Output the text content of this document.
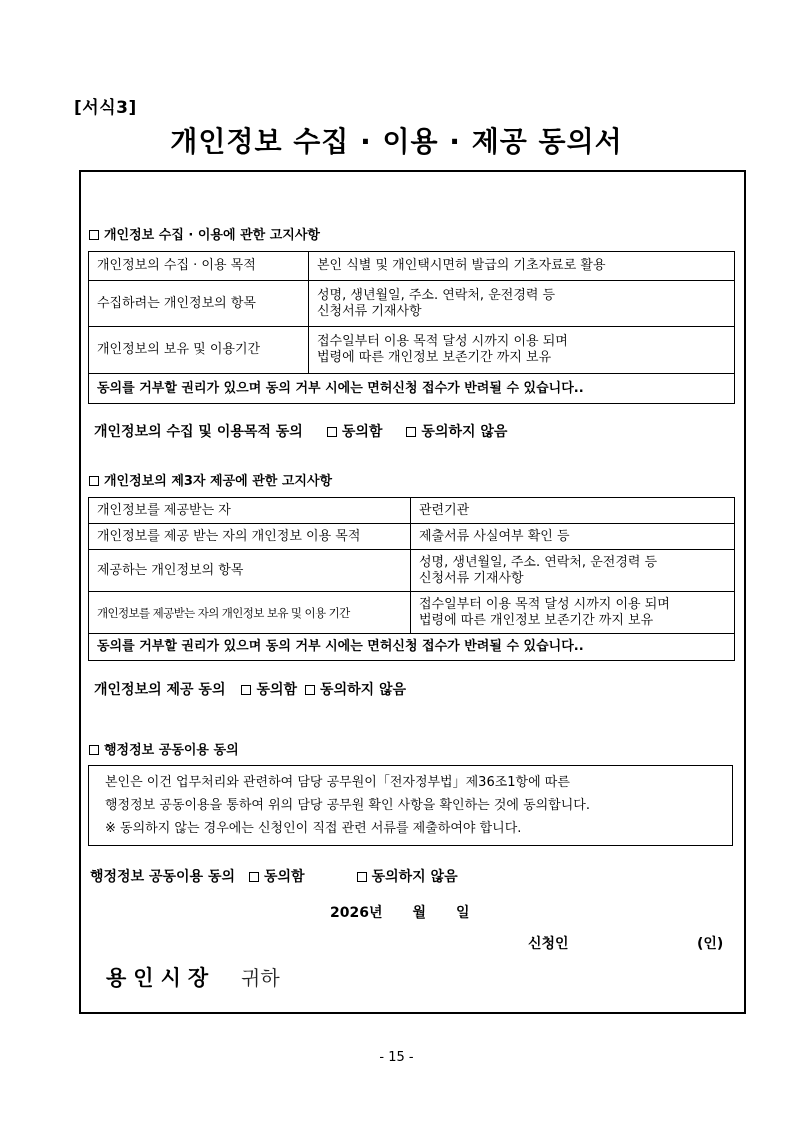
[서식3]
개인정보 수집 · 이용 · 제공 동의서
개인정보 수집 · 이용에 관한 고지사항
개인정보의 수집 · 이용 목적	본인 식별 및 개인택시면허 발급의 기초자료로 활용

수집하려는 개인정보의 항목	성명, 생년월일, 주소. 연락처, 운전경력 등
신청서류 기재사항

개인정보의 보유 및 이용기간	접수일부터 이용 목적 달성 시까지 이용 되며
법령에 따른 개인정보 보존기간 까지 보유

동의를 거부할 권리가 있으며 동의 거부 시에는 면허신청 접수가 반려될 수 있습니다..	
개인정보의 수집 및 이용목적 동의	동의함	동의하지 않음
개인정보의 제3자 제공에 관한 고지사항
개인정보를 제공받는 자	관련기관

개인정보를 제공 받는 자의 개인정보 이용 목적	제출서류 사실여부 확인 등

제공하는 개인정보의 항목	성명, 생년월일, 주소. 연락처, 운전경력 등
신청서류 기재사항

개인정보를 제공받는 자의 개인정보 보유 및 이용 기간	접수일부터 이용 목적 달성 시까지 이용 되며
법령에 따른 개인정보 보존기간 까지 보유

동의를 거부할 권리가 있으며 동의 거부 시에는 면허신청 접수가 반려될 수 있습니다..	
개인정보의 제공 동의 동의함 동의하지 않음
행정정보 공동이용 동의
본인은 이건 업무처리와 관련하여 담당 공무원이「전자정부법」제36조1항에 따른
행정정보 공동이용을 통하여 위의 담당 공무원 확인 사항을 확인하는 것에 동의합니다.
※ 동의하지 않는 경우에는 신청인이 직접 관련 서류를 제출하여야 합니다.
행정정보 공동이용 동의 동의함	동의하지 않음
2026년 월 일
신청인	(인)
용인시장 귀하
- 15 -
